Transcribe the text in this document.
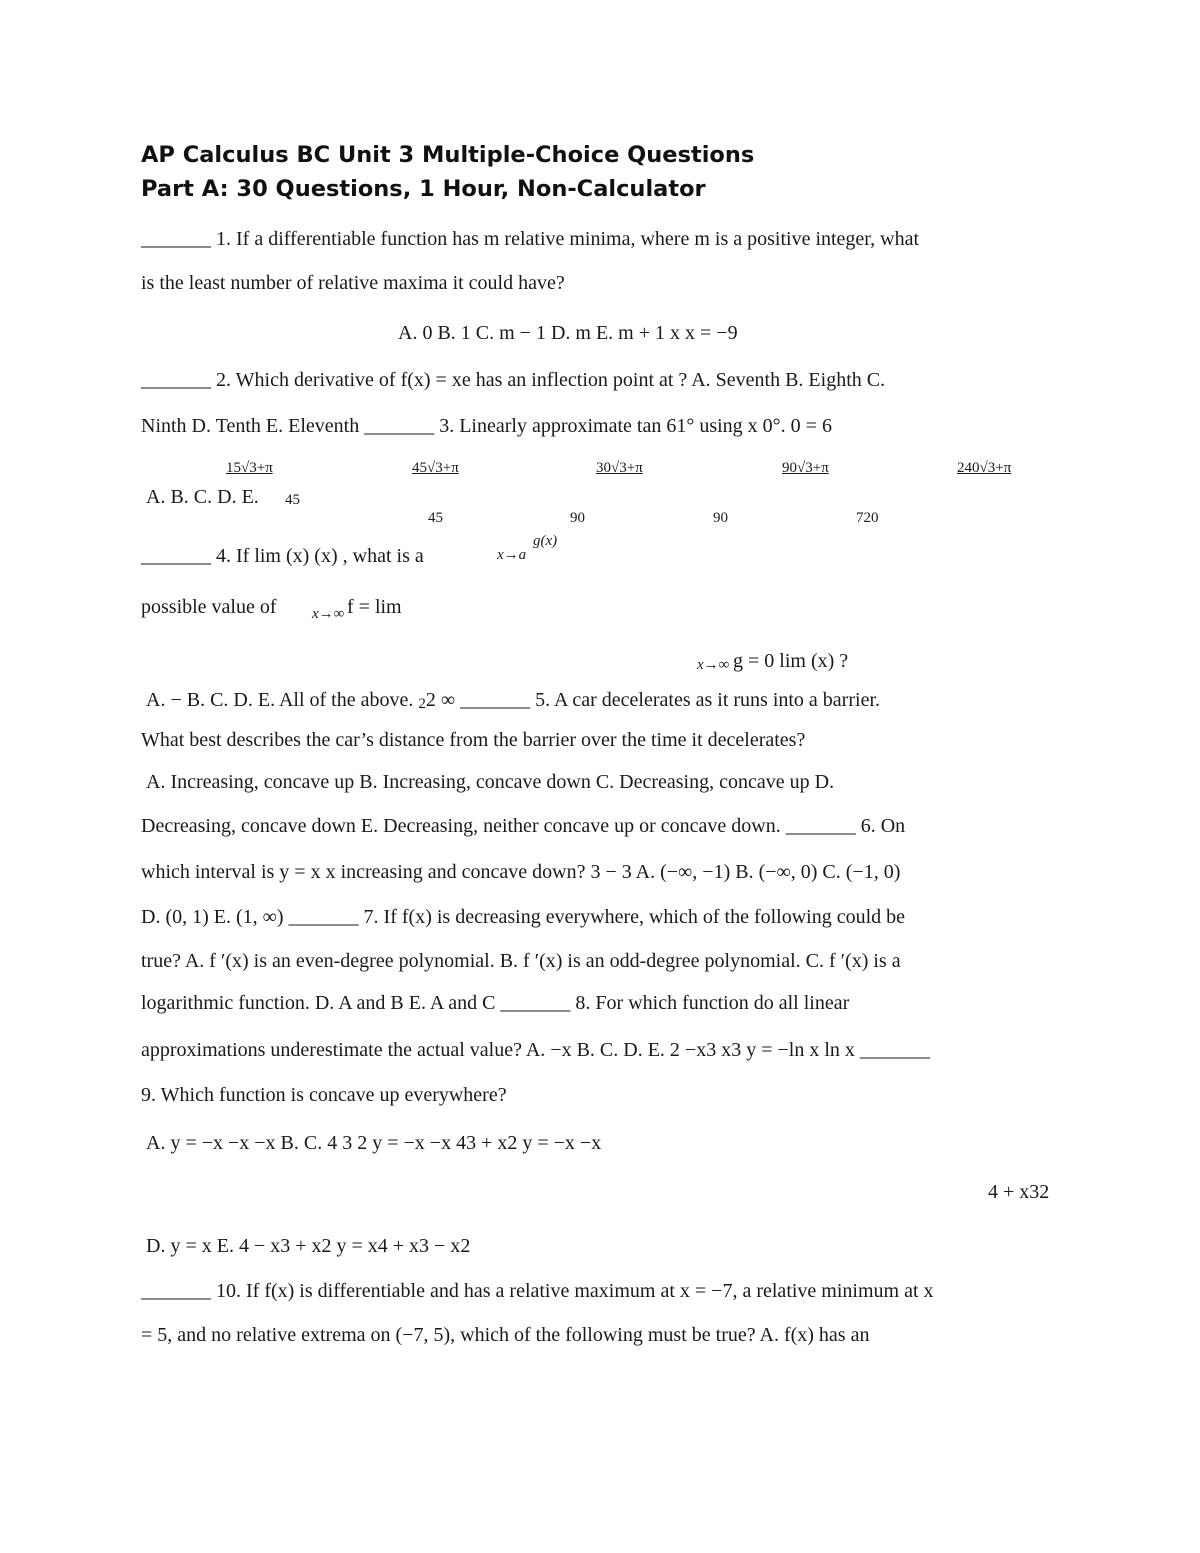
AP Calculus BC Unit 3 Multiple-Choice Questions
Part A: 30 Questions, 1 Hour, Non-Calculator
_______ 1. If a differentiable function has m relative minima, where m is a positive integer, what
is the least number of relative maxima it could have?
A. 0 B. 1 C. m − 1 D. m E. m + 1 x x = −9
_______ 2. Which derivative of f(x) = xe has an inflection point at ? A. Seventh B. Eighth C.
Ninth D. Tenth E. Eleventh _______ 3. Linearly approximate tan 61° using x 0°. 0 = 6
15√3+π	45√3+π	30√3+π	90√3+π	240√3+π
A. B. C. D. E. 45
45	90	90	720
_______ 4. If lim (x) (x) , what is a	x→a
g(x)
possible value of x→∞ f = lim
x→∞ g = 0 lim (x) ?
A. − B. C. D. E. All of the above. 22 ∞ _______ 5. A car decelerates as it runs into a barrier.
What best describes the car’s distance from the barrier over the time it decelerates?
A. Increasing, concave up B. Increasing, concave down C. Decreasing, concave up D.
Decreasing, concave down E. Decreasing, neither concave up or concave down. _______ 6. On
which interval is y = x x increasing and concave down? 3 − 3 A. (−∞, −1) B. (−∞, 0) C. (−1, 0)
D. (0, 1) E. (1, ∞) _______ 7. If f(x) is decreasing everywhere, which of the following could be
true? A. f ′(x) is an even-degree polynomial. B. f ′(x) is an odd-degree polynomial. C. f ′(x) is a
logarithmic function. D. A and B E. A and C _______ 8. For which function do all linear
approximations underestimate the actual value? A. −x B. C. D. E. 2 −x3 x3 y = −ln x ln x _______
9. Which function is concave up everywhere?
A. y = −x −x −x B. C. 4 3 2 y = −x −x 43 + x2 y = −x −x
4 + x32
D. y = x E. 4 − x3 + x2 y = x4 + x3 − x2
_______ 10. If f(x) is differentiable and has a relative maximum at x = −7, a relative minimum at x
= 5, and no relative extrema on (−7, 5), which of the following must be true? A. f(x) has an
